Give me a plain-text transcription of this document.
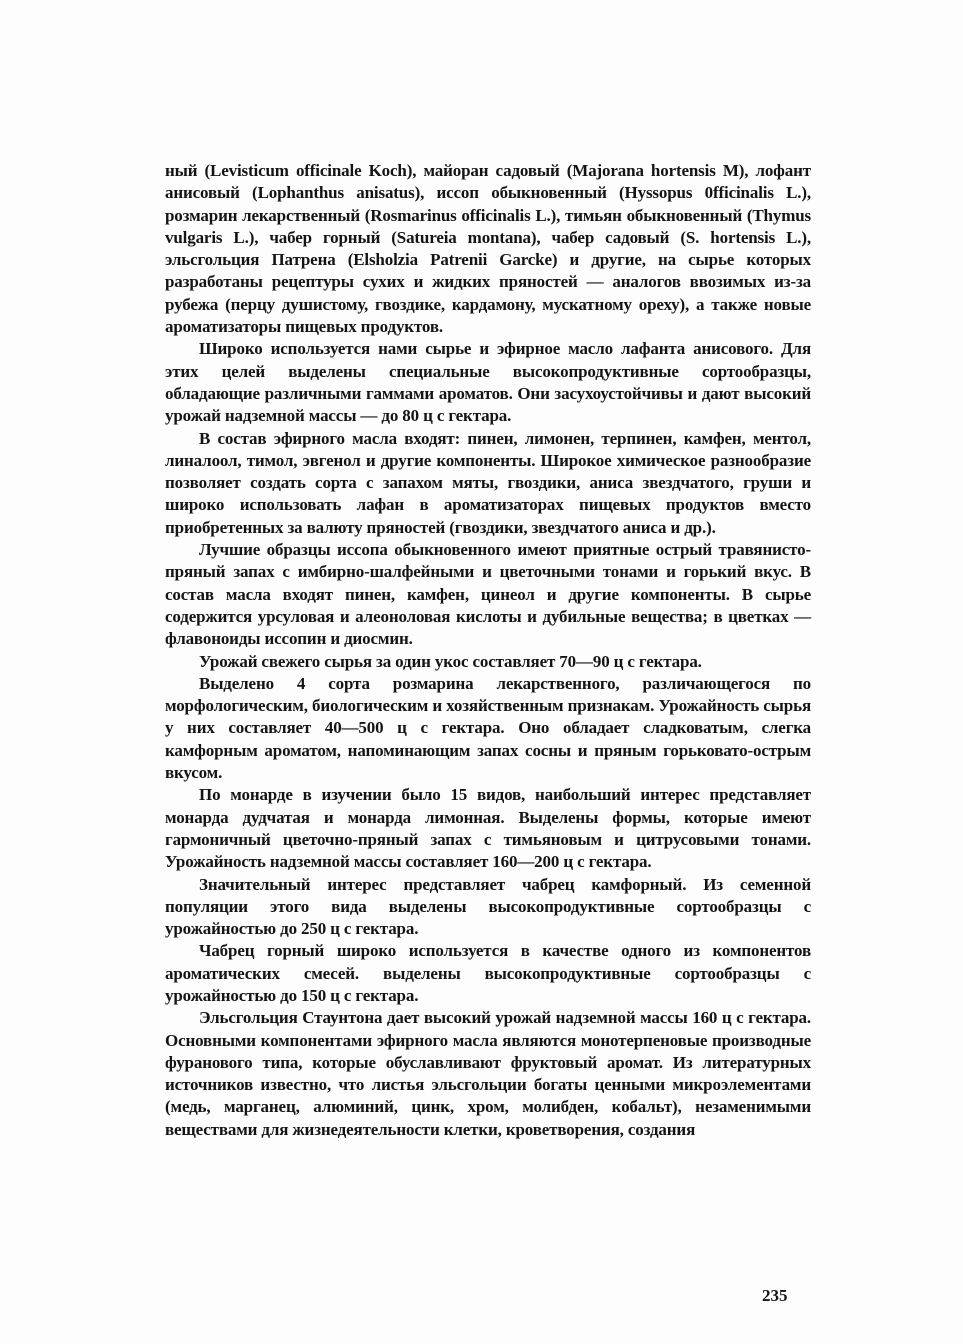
ный (Levisticum officinale Koch), майоран садовый (Majorana hortensis M), лофант анисовый (Lophanthus anisatus), иссоп обыкновенный (Hyssopus 0fficinalis L.), розмарин лекарственный (Rosmarinus officinalis L.), тимьян обыкновенный (Thymus vulgaris L.), чабер горный (Satureia montana), чабер садовый (S. hortensis L.), эльсгольция Патрена (Elsholzia Patrenii Garcke) и другие, на сырье которых разработаны рецептуры сухих и жидких пряностей — аналогов ввозимых из-за рубежа (перцу душистому, гвоздике, кардамону, мускатному ореху), а также новые ароматизаторы пищевых продуктов.

Широко используется нами сырье и эфирное масло лафанта анисового. Для этих целей выделены специальные высокопродуктивные сортообразцы, обладающие различными гаммами ароматов. Они засухоустойчивы и дают высокий урожай надземной массы — до 80 ц с гектара.

В состав эфирного масла входят: пинен, лимонен, терпинен, камфен, ментол, линалоол, тимол, эвгенол и другие компоненты. Широкое химическое разнообразие позволяет создать сорта с запахом мяты, гвоздики, аниса звездчатого, груши и широко использовать лафан в ароматизаторах пищевых продуктов вместо приобретенных за валюту пряностей (гвоздики, звездчатого аниса и др.).

Лучшие образцы иссопа обыкновенного имеют приятные острый травянисто-пряный запах с имбирно-шалфейными и цветочными тонами и горький вкус. В состав масла входят пинен, камфен, цинеол и другие компоненты. В сырье содержится урсуловая и алеоноловая кислоты и дубильные вещества; в цветках — флавоноиды иссопин и диосмин.

Урожай свежего сырья за один укос составляет 70—90 ц с гектара.

Выделено 4 сорта розмарина лекарственного, различающегося по морфологическим, биологическим и хозяйственным признакам. Урожайность сырья у них составляет 40—500 ц с гектара. Оно обладает сладковатым, слегка камфорным ароматом, напоминающим запах сосны и пряным горьковато-острым вкусом.

По монарде в изучении было 15 видов, наибольший интерес представляет монарда дудчатая и монарда лимонная. Выделены формы, которые имеют гармоничный цветочно-пряный запах с тимьяновым и цитрусовыми тонами. Урожайность надземной массы составляет 160—200 ц с гектара.

Значительный интерес представляет чабрец камфорный. Из семенной популяции этого вида выделены высокопродуктивные сортообразцы с урожайностью до 250 ц с гектара.

Чабрец горный широко используется в качестве одного из компонентов ароматических смесей. выделены высокопродуктивные сортообразцы с урожайностью до 150 ц с гектара.

Эльсгольция Стаунтона дает высокий урожай надземной массы 160 ц с гектара. Основными компонентами эфирного масла являются монотерпеновые производные фуранового типа, которые обуславливают фруктовый аромат. Из литературных источников известно, что листья эльсгольции богаты ценными микроэлементами (медь, марганец, алюминий, цинк, хром, молибден, кобальт), незаменимыми веществами для жизнедеятельности клетки, кроветворения, создания

235
